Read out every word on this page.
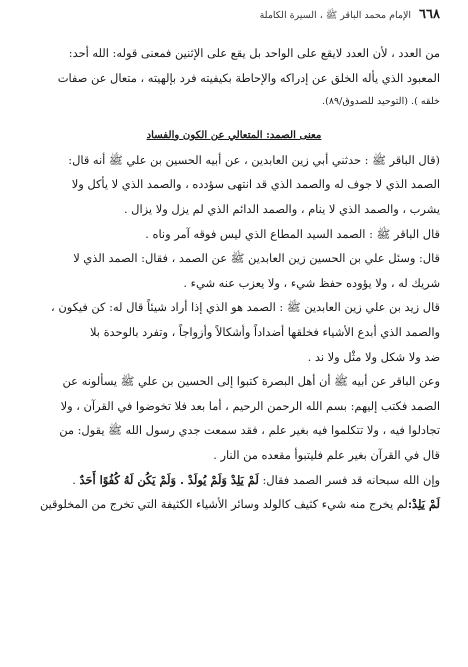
٦٦٨
الإمام محمد الباقر ﷺ ، السيرة الكاملة

من العدد ، لأن العدد لايقع على الواحد بل يقع على الإثنين فمعنى قوله: الله أحد:

المعبود الذي يأله الخلق عن إدراكه والإحاطة بكيفيته فرد بإلهيته ، متعال عن صفات

خلقه ). (التوحيد للصدوق/٨٩).

معنى الصمد: المتعالي عن الكون والفساد

(قال الباقر ﷺ : حدثني أبي زين العابدين ، عن أبيه الحسين بن علي ﷺ أنه قال:

الصمد الذي لا جوف له والصمد الذي قد انتهى سؤدده ، والصمد الذي لا يأكل ولا

يشرب ، والصمد الذي لا ينام ، والصمد الدائم الذي لم يزل ولا يزال .

قال الباقر ﷺ : الصمد السيد المطاع الذي ليس فوقه آمر وناه .

قال: وسئل علي بن الحسين زين العابدين ﷺ عن الصمد ، فقال: الصمد الذي لا

شريك له ، ولا يؤوده حفظ شيء ، ولا يعزب عنه شيء .

قال زيد بن علي زين العابدين ﷺ : الصمد هو الذي إذا أراد شيئاً قال له: كن فيكون ،

والصمد الذي أبدع الأشياء فخلقها أضداداً وأشكالاً وأزواجاً ، وتفرد بالوحدة بلا

ضد ولا شكل ولا مثْل ولا ند .

وعن الباقر عن أبيه ﷺ أن أهل البصرة كتبوا إلى الحسين بن علي ﷺ يسألونه عن

الصمد فكتب إليهم: بسم الله الرحمن الرحيم ، أما بعد فلا تخوضوا في القرآن ، ولا

تجادلوا فيه ، ولا تتكلموا فيه بغير علم ، فقد سمعت جدي رسول الله ﷺ يقول: من

قال في القرآن بغير علم فليتبوأ مقعده من النار .

وإن الله سبحانه قد فسر الصمد فقال: لَمْ يَلِدْ وَلَمْ يُولَدْ . وَلَمْ يَكُن لَهُ كُفُوًا أَحَدٌ .

لَمْ يَلِدْ:لم يخرج منه شيء كثيف كالولد وسائر الأشياء الكثيفة التي تخرج من المخلوقين
